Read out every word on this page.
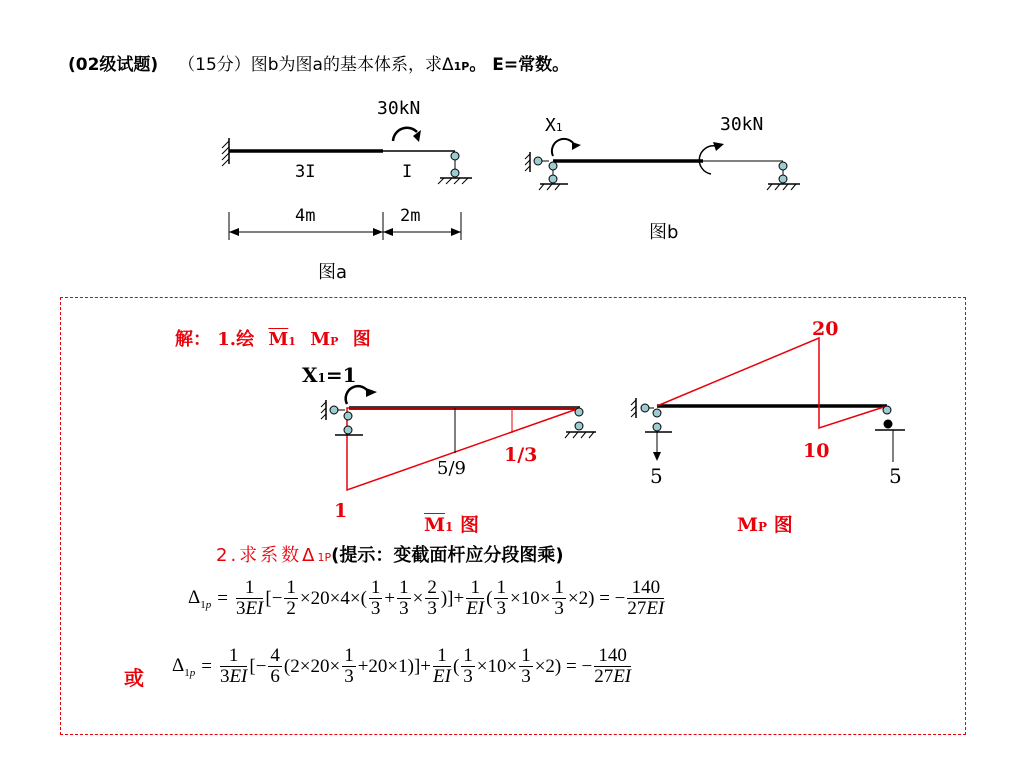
(02级试题) （15分）图b为图a的基本体系，求Δ1P。 E=常数。
30kN
3I	I
4m	2m
图a
X1	30kN
图b
解： 1.绘 $\overline{M}1$ MP 图
X1=1
1
5/9
1/3
$\overline{M}1$ 图
20
10
5	5
MP 图
2.求系数Δ1P(提示：变截面杆应分段图乘)
$\Delta_{1p} = \frac{1}{3EI}$ [− $\frac{1}{2} \times 20\times 4\times( \frac{1}{3} + \frac{1}{3} \times \frac{2}{3}$ )]+ $\frac{1}{EI}$ ( $\frac{1}{3} \times 10\times \frac{1}{3} \times 2$) = − $\frac{140}{27EI}$
或
$\Delta_{1p} = \frac{1}{3EI}$ [− $\frac{4}{6} (2\times 20\times \frac{1}{3} +20\times 1)]+ \frac{1}{EI}$ ( $\frac{1}{3} \times 10\times \frac{1}{3} \times 2$) = − $\frac{140}{27EI}$
